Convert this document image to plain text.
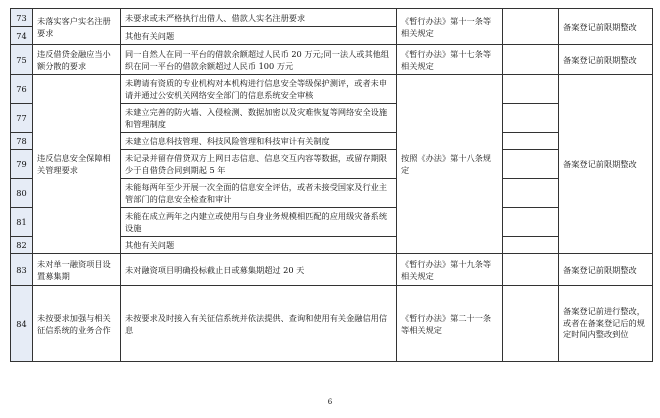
73	未落实客户实名注册要求	未要求或未严格执行出借人、借款人实名注册要求	《暂行办法》第十一条等相关规定		备案登记前限期整改
74		其他有关问题			
75	违反借贷金融应当小额分散的要求	同一自然人在同一平台的借款余额超过人民币 20 万元;同一法人或其他组织在同一平台的借款余额超过人民币 100 万元	《暂行办法》第十七条等相关规定		备案登记前限期整改
76	违反信息安全保障相关管理要求	未聘请有资质的专业机构对本机构进行信息安全等级保护测评，或者未申请并通过公安机关网络安全部门的信息系统安全审核	按照《办法》第十八条规定		备案登记前限期整改
77		未建立完善的防火墙、入侵检测、数据加密以及灾难恢复等网络安全设施和管理制度			
78		未建立信息科技管理、科技风险管理和科技审计有关制度			
79		未记录并留存借贷双方上网日志信息、信息交互内容等数据，或留存期限少于自借贷合同到期起 5 年			
80		未能每两年至少开展一次全面的信息安全评估，或者未接受国家及行业主管部门的信息安全检查和审计			
81		未能在成立两年之内建立或使用与自身业务规模相匹配的应用级灾备系统设施			
82		其他有关问题			
83	未对单一融资项目设置募集期	未对融资项目明确投标截止日或募集期超过 20 天	《暂行办法》第十九条等相关规定		备案登记前限期整改
84	未按要求加强与相关征信系统的业务合作	未按要求及时接入有关征信系统并依法提供、查询和使用有关金融信用信息	《暂行办法》第二十一条等相关规定		备案登记前进行整改，或者在备案登记后的规定时间内整改到位
6
